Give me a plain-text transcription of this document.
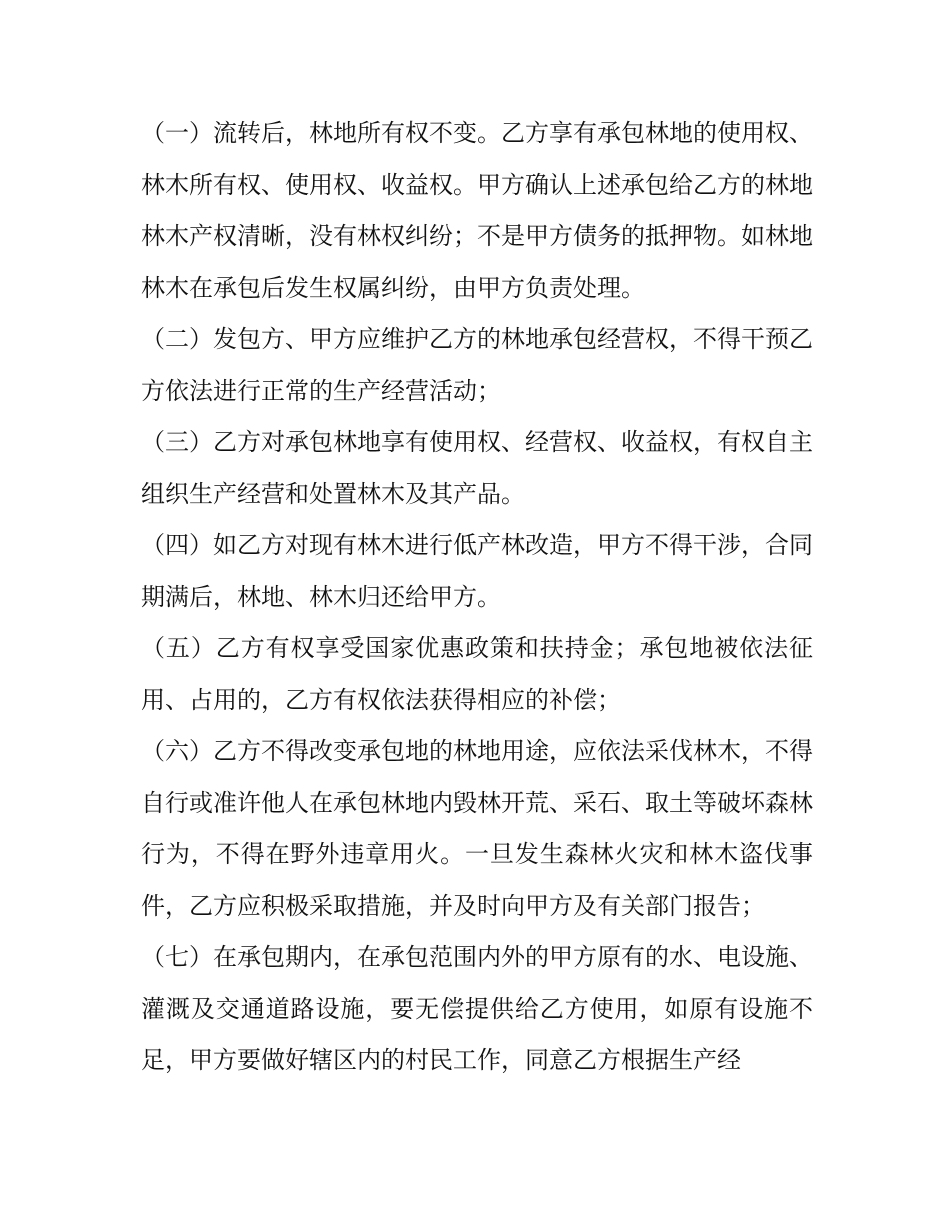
（一）流转后，林地所有权不变。乙方享有承包林地的使用权、林木所有权、使用权、收益权。甲方确认上述承包给乙方的林地林木产权清晰，没有林权纠纷；不是甲方债务的抵押物。如林地林木在承包后发生权属纠纷，由甲方负责处理。

（二）发包方、甲方应维护乙方的林地承包经营权，不得干预乙方依法进行正常的生产经营活动；

（三）乙方对承包林地享有使用权、经营权、收益权，有权自主组织生产经营和处置林木及其产品。

（四）如乙方对现有林木进行低产林改造，甲方不得干涉，合同期满后，林地、林木归还给甲方。

（五）乙方有权享受国家优惠政策和扶持金；承包地被依法征用、占用的，乙方有权依法获得相应的补偿；

（六）乙方不得改变承包地的林地用途，应依法采伐林木，不得自行或准许他人在承包林地内毁林开荒、采石、取土等破坏森林行为，不得在野外违章用火。一旦发生森林火灾和林木盗伐事件，乙方应积极采取措施，并及时向甲方及有关部门报告；

（七）在承包期内，在承包范围内外的甲方原有的水、电设施、灌溉及交通道路设施，要无偿提供给乙方使用，如原有设施不足，甲方要做好辖区内的村民工作，同意乙方根据生产经
